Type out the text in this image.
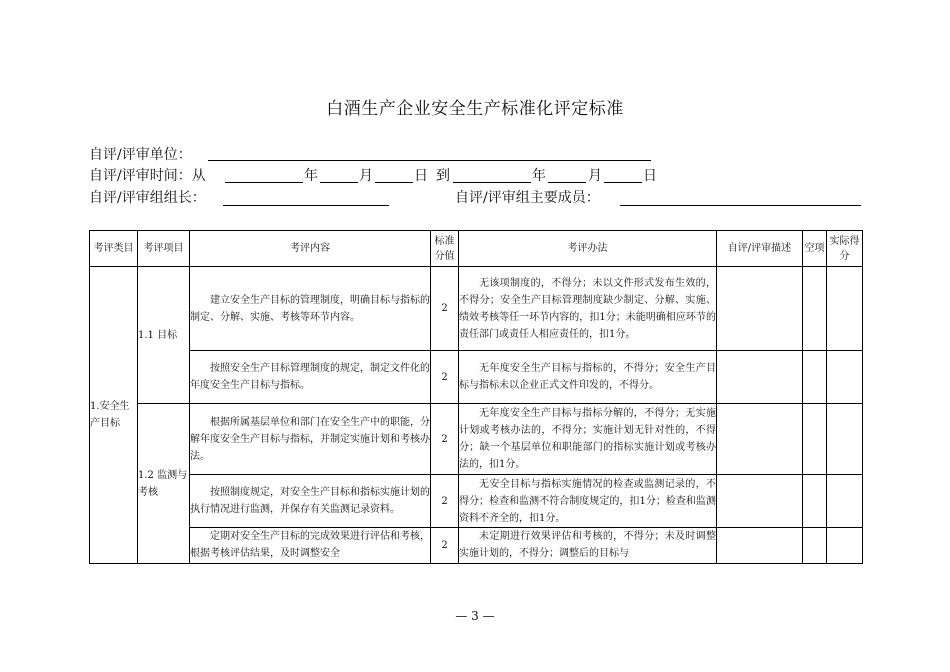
白酒生产企业安全生产标准化评定标准
自评/评审单位：
自评/评审时间：从	年	月	日 到	年	月	日
自评/评审组组长：	自评/评审组主要成员：
考评类目	考评项目	考评内容	标准分值	考评办法	自评/评审描述	空项	实际得分
1.安全生产目标	1.1 目标	建立安全生产目标的管理制度，明确目标与指标的制定、分解、实施、考核等环节内容。	2	无该项制度的，不得分；未以文件形式发布生效的，不得分；安全生产目标管理制度缺少制定、分解、实施、绩效考核等任一环节内容的，扣1分；未能明确相应环节的责任部门或责任人相应责任的，扣1分。			
		按照安全生产目标管理制度的规定，制定文件化的年度安全生产目标与指标。	2	无年度安全生产目标与指标的，不得分；安全生产目标与指标未以企业正式文件印发的，不得分。			
	1.2 监测与考核	根据所属基层单位和部门在安全生产中的职能，分解年度安全生产目标与指标，并制定实施计划和考核办法。	2	无年度安全生产目标与指标分解的，不得分；无实施计划或考核办法的，不得分；实施计划无针对性的，不得分；缺一个基层单位和职能部门的指标实施计划或考核办法的，扣1分。			
		按照制度规定，对安全生产目标和指标实施计划的执行情况进行监测，并保存有关监测记录资料。	2	无安全目标与指标实施情况的检查或监测记录的，不得分；检查和监测不符合制度规定的，扣1分；检查和监测资料不齐全的，扣1分。			

		定期对安全生产目标的完成效果进行评估和考核，根据考核评估结果，及时调整安全	2	未定期进行效果评估和考核的，不得分；未及时调整实施计划的，不得分；调整后的目标与			

— 3 —
